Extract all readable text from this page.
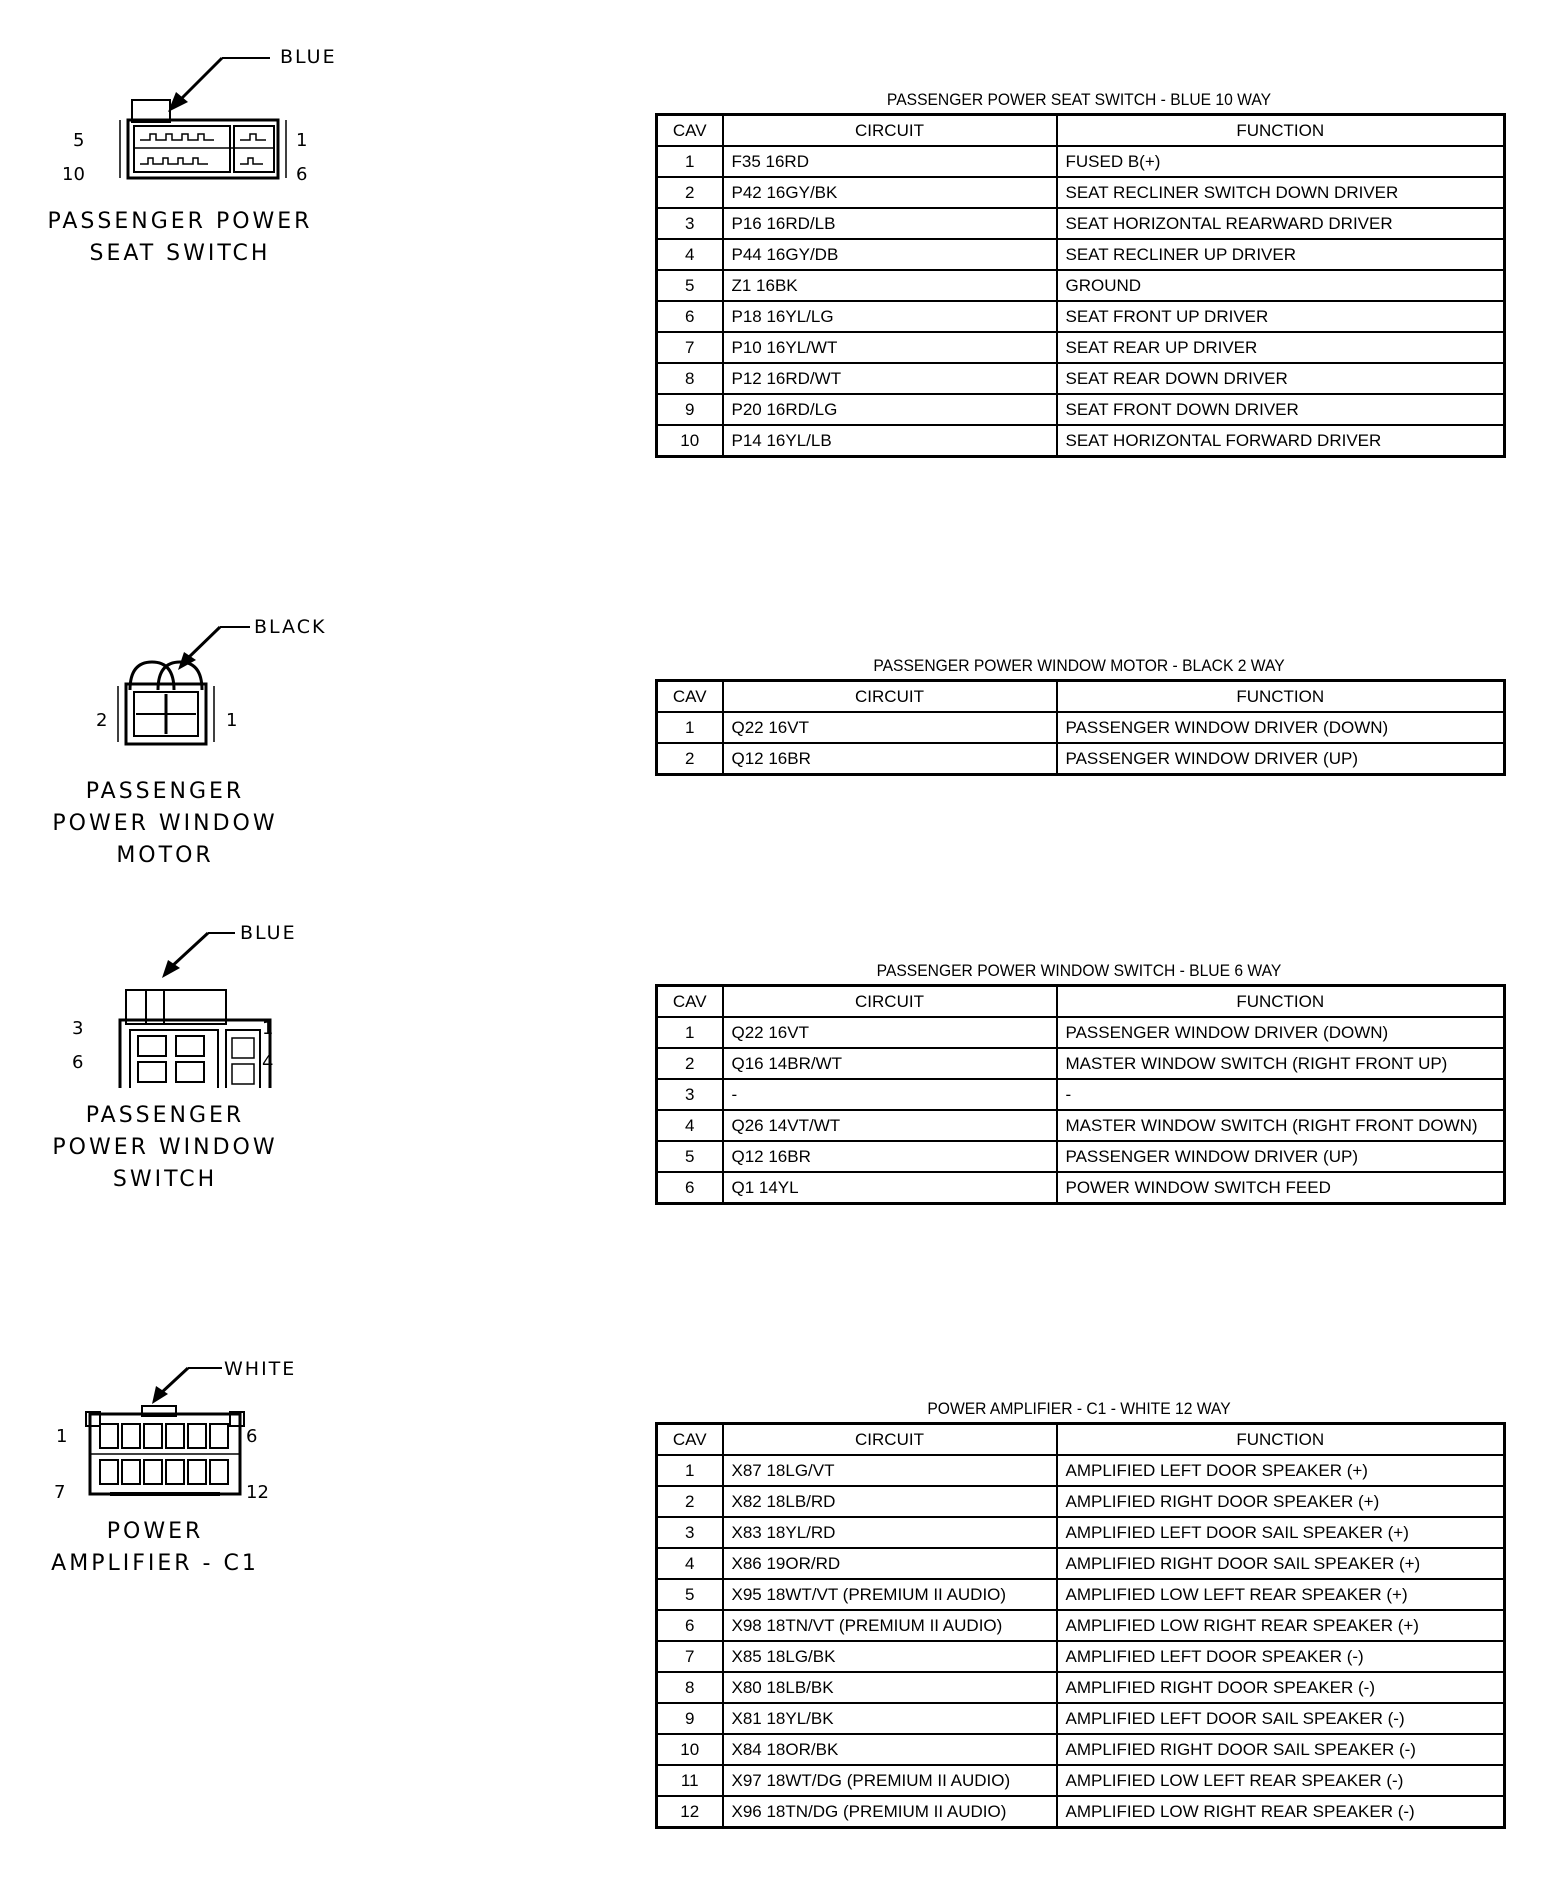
BLUE
5
10
1
6
PASSENGER POWER
SEAT SWITCH
PASSENGER POWER SEAT SWITCH - BLUE 10 WAY
CAV	CIRCUIT	FUNCTION
1	F35 16RD	FUSED B(+)
2	P42 16GY/BK	SEAT RECLINER SWITCH DOWN DRIVER
3	P16 16RD/LB	SEAT HORIZONTAL REARWARD DRIVER
4	P44 16GY/DB	SEAT RECLINER UP DRIVER
5	Z1 16BK	GROUND
6	P18 16YL/LG	SEAT FRONT UP DRIVER
7	P10 16YL/WT	SEAT REAR UP DRIVER
8	P12 16RD/WT	SEAT REAR DOWN DRIVER
9	P20 16RD/LG	SEAT FRONT DOWN DRIVER
10	P14 16YL/LB	SEAT HORIZONTAL FORWARD DRIVER
BLACK
2	1
PASSENGER
POWER WINDOW
MOTOR
PASSENGER POWER WINDOW MOTOR - BLACK 2 WAY
CAV	CIRCUIT	FUNCTION
1	Q22 16VT	PASSENGER WINDOW DRIVER (DOWN)
2	Q12 16BR	PASSENGER WINDOW DRIVER (UP)
BLUE
3
6
1
4
PASSENGER
POWER WINDOW
SWITCH
PASSENGER POWER WINDOW SWITCH - BLUE 6 WAY
CAV	CIRCUIT	FUNCTION
1	Q22 16VT	PASSENGER WINDOW DRIVER (DOWN)
2	Q16 14BR/WT	MASTER WINDOW SWITCH (RIGHT FRONT UP)
3	-	-
4	Q26 14VT/WT	MASTER WINDOW SWITCH (RIGHT FRONT DOWN)
5	Q12 16BR	PASSENGER WINDOW DRIVER (UP)
6	Q1 14YL	POWER WINDOW SWITCH FEED
WHITE
1
7
6
12
POWER
AMPLIFIER - C1
POWER AMPLIFIER - C1 - WHITE 12 WAY
CAV	CIRCUIT	FUNCTION
1	X87 18LG/VT	AMPLIFIED LEFT DOOR SPEAKER (+)
2	X82 18LB/RD	AMPLIFIED RIGHT DOOR SPEAKER (+)
3	X83 18YL/RD	AMPLIFIED LEFT DOOR SAIL SPEAKER (+)
4	X86 19OR/RD	AMPLIFIED RIGHT DOOR SAIL SPEAKER (+)
5	X95 18WT/VT (PREMIUM II AUDIO)	AMPLIFIED LOW LEFT REAR SPEAKER (+)
6	X98 18TN/VT (PREMIUM II AUDIO)	AMPLIFIED LOW RIGHT REAR SPEAKER (+)
7	X85 18LG/BK	AMPLIFIED LEFT DOOR SPEAKER (-)
8	X80 18LB/BK	AMPLIFIED RIGHT DOOR SPEAKER (-)
9	X81 18YL/BK	AMPLIFIED LEFT DOOR SAIL SPEAKER (-)
10	X84 18OR/BK	AMPLIFIED RIGHT DOOR SAIL SPEAKER (-)
11	X97 18WT/DG (PREMIUM II AUDIO)	AMPLIFIED LOW LEFT REAR SPEAKER (-)
12	X96 18TN/DG (PREMIUM II AUDIO)	AMPLIFIED LOW RIGHT REAR SPEAKER (-)
